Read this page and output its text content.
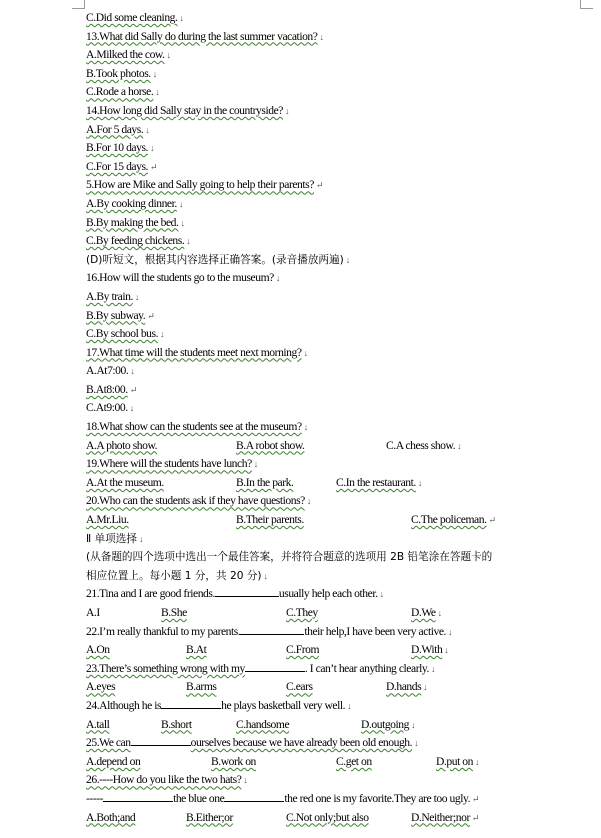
C.Did some cleaning. ↓
13.What did Sally do during the last summer vacation? ↓
A.Milked the cow. ↓
B.Took photos. ↓
C.Rode a horse. ↓
14.How long did Sally stay in the countryside? ↓
A.For 5 days. ↓
B.For 10 days. ↓
C.For 15 days. ↵
5.How are Mike and Sally going to help their parents? ↵
A.By cooking dinner. ↓
B.By making the bed. ↓
C.By feeding chickens. ↓
(D)听短文，根据其内容选择正确答案。(录音播放两遍) ↓
16.How will the students go to the museum? ↓
A.By train. ↓
B.By subway. ↵
C.By school bus. ↓
17.What time will the students meet next morning? ↓
A.At7:00. ↓
B.At8:00. ↵
C.At9:00. ↓
18.What show can the students see at the museum? ↓
A.A photo show.	B.A robot show.	C.A chess show. ↓
19.Where will the students have lunch? ↓
A.At the museum.	B.In the park.	C.In the restaurant. ↓
20.Who can the students ask if they have questions? ↓
A.Mr.Liu.	B.Their parents.	C.The policeman. ↵
Ⅱ 单项选择 ↓
(从备题的四个选项中选出一个最佳答案，并将符合题意的选项用 2B 铅笔涂在答题卡的
相应位置上。每小题 1 分，共 20 分) ↓
21.Tina and I are good friends.	usually help each other. ↓
A.I	B.She	C.They	D.We ↓
22.I’m really thankful to my parents.	their help,I have been very active. ↓
A.On	B.At	C.From	D.With ↓
23.There’s something wrong with my	. I can’t hear anything clearly. ↓
A.eyes	B.arms	C.ears	D.hands ↓
24.Although he is	he plays basketball very well. ↓
A.tall	B.short	C.handsome	D.outgoing ↓
25.We can	ourselves because we have already been old enough. ↓
A.depend on	B.work on	C.get on	D.put on ↓
26.----How do you like the two hats? ↓
-----	the blue one	the red one is my favorite.They are too ugly. ↵
A.Both;and	B.Either;or	C.Not only;but also	D.Neither;nor ↵
